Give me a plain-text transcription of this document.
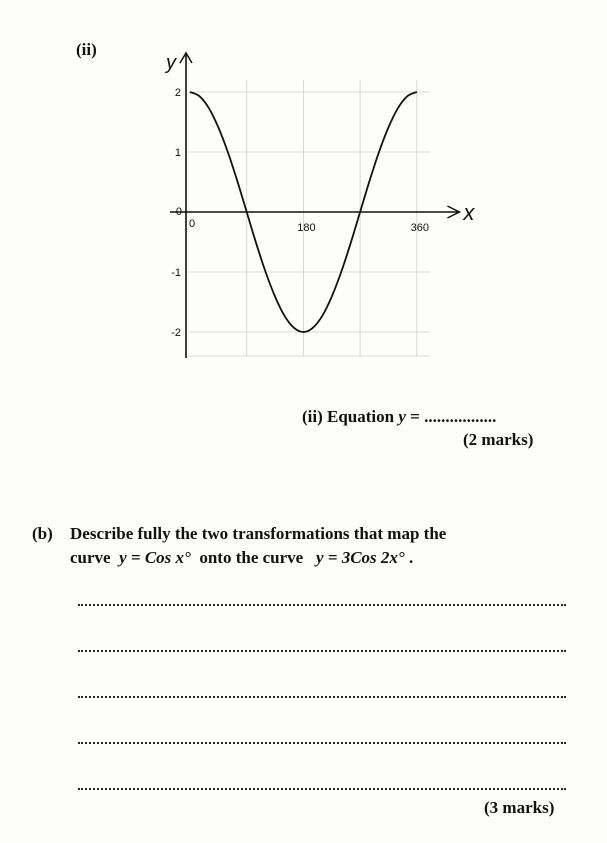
(ii)
x
y
180	360
2
1
-1
-2
0
0
(ii) Equation y = .................
(2 marks)
(b) Describe fully the two transformations that map the
curve y = Cos x° onto the curve y = 3Cos 2x° .
(3 marks)
